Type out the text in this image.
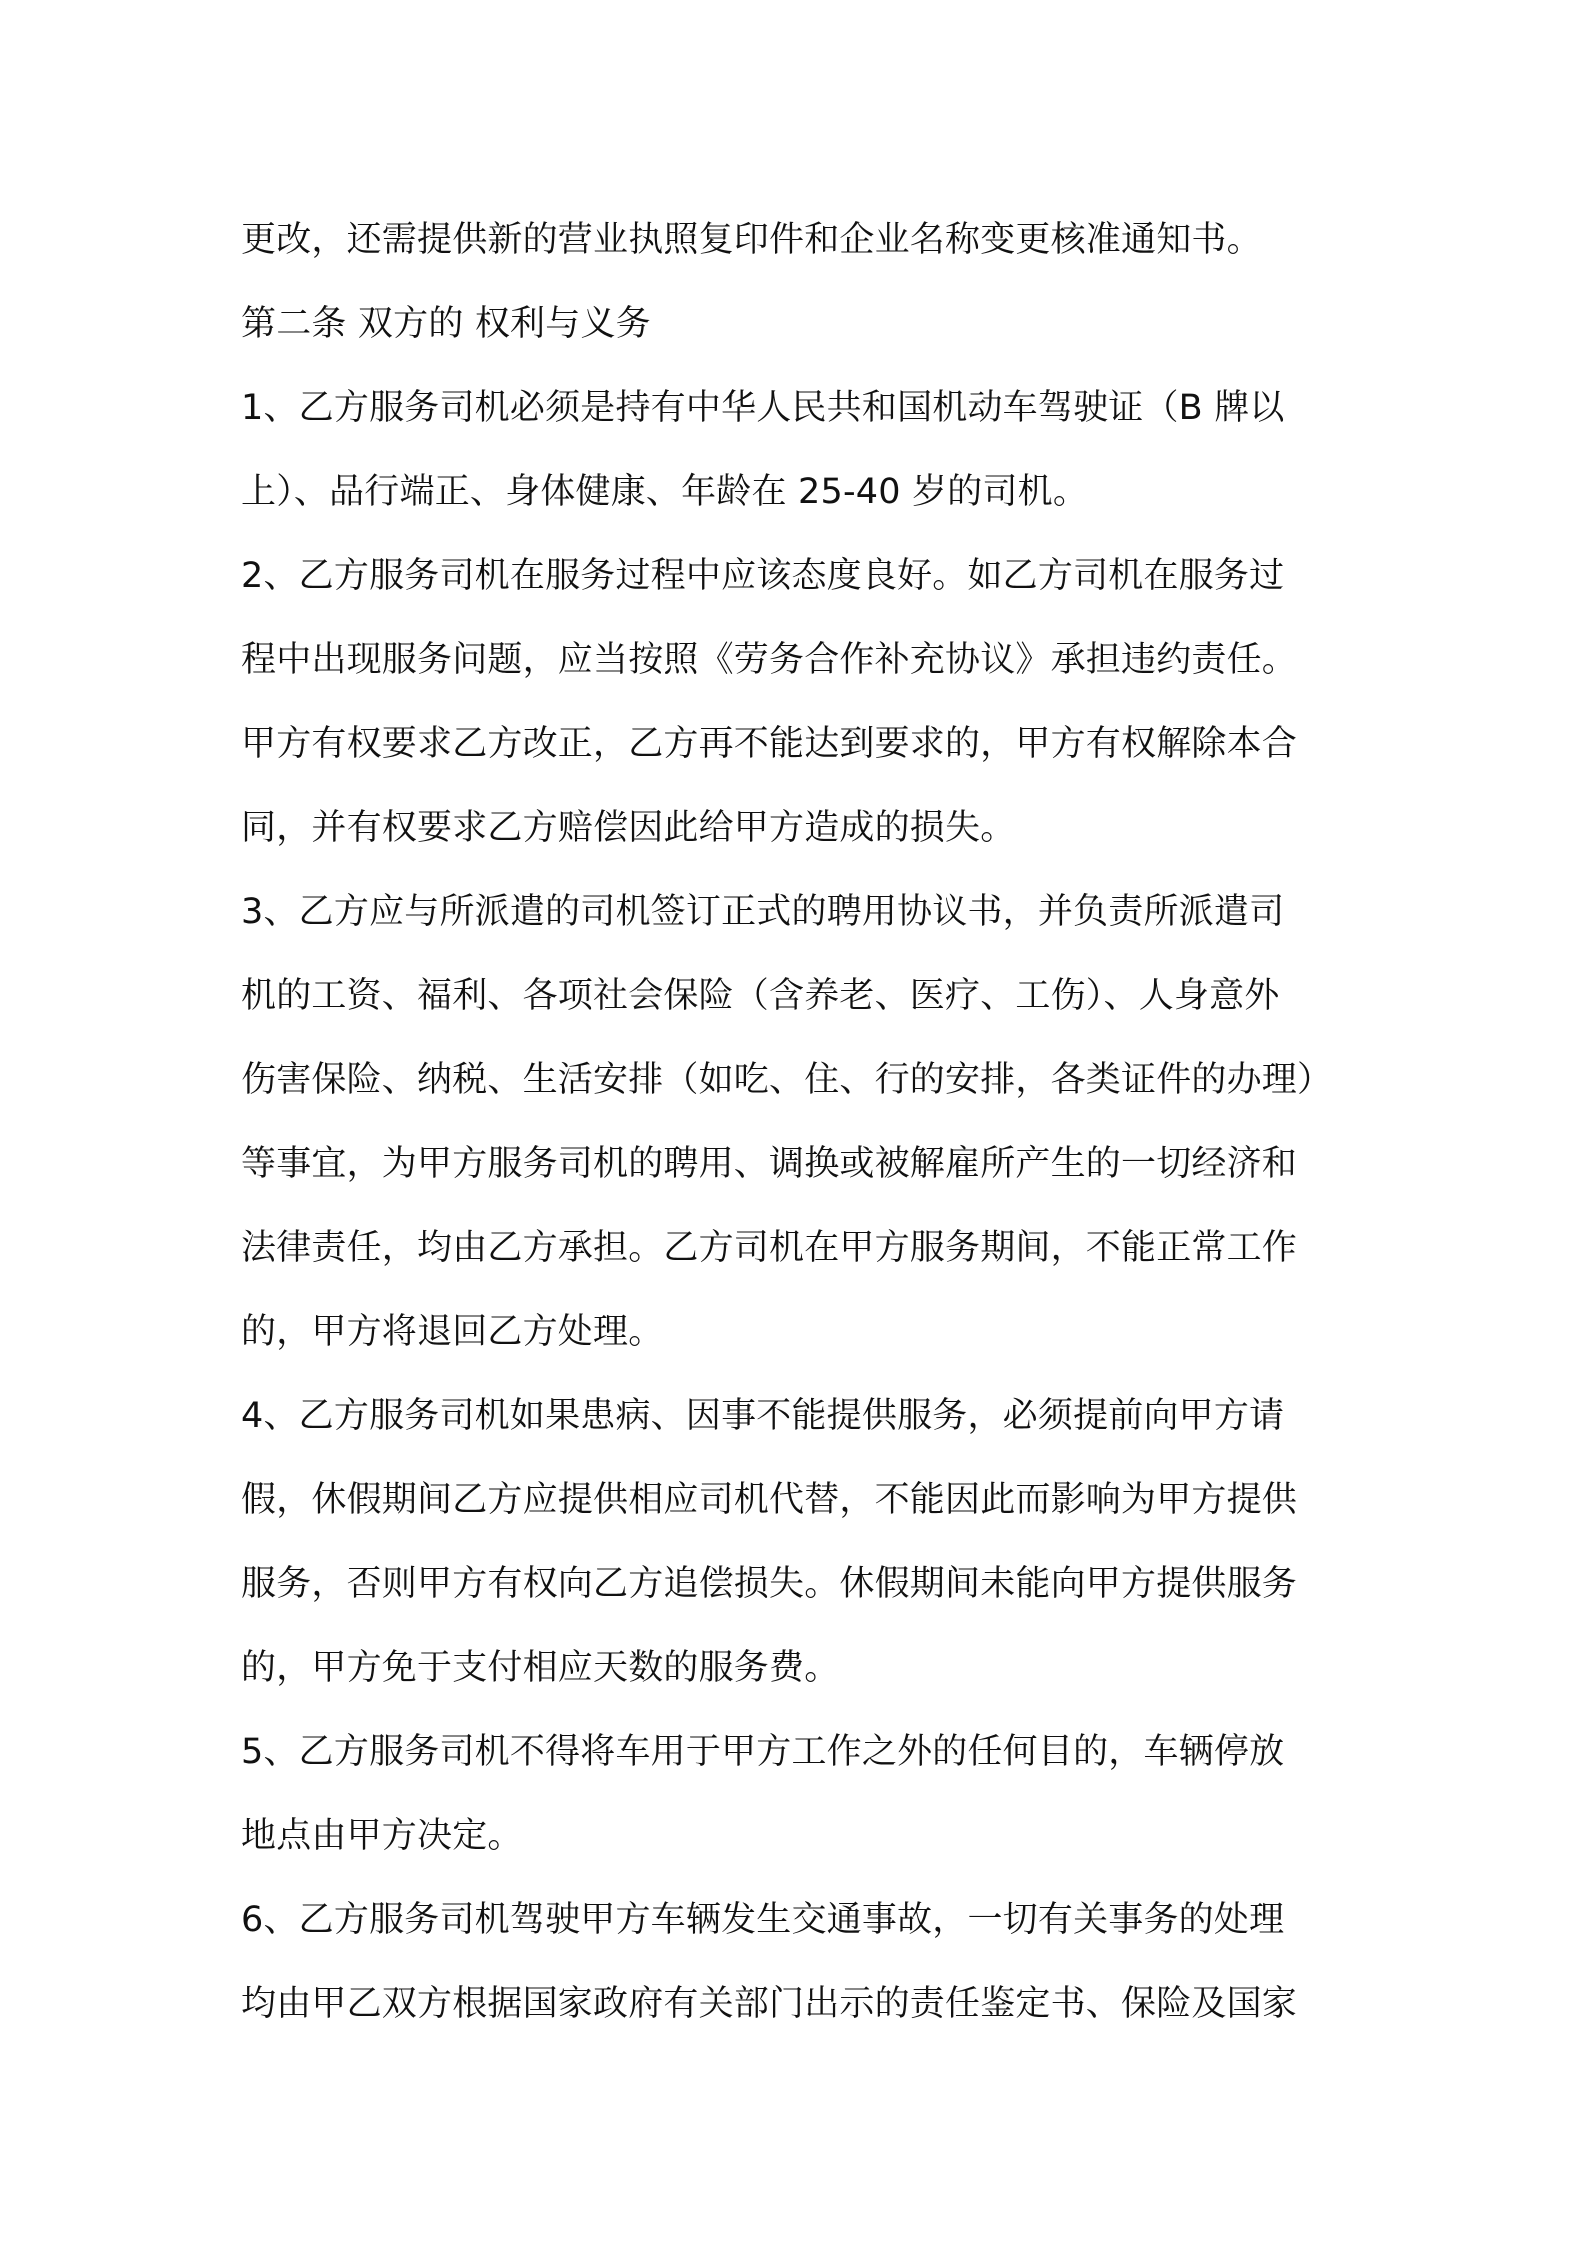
更改，还需提供新的营业执照复印件和企业名称变更核准通知书。
第二条 双方的 权利与义务
1、乙方服务司机必须是持有中华人民共和国机动车驾驶证（B 牌以
上）、品行端正、身体健康、年龄在 25-40 岁的司机。
2、乙方服务司机在服务过程中应该态度良好。如乙方司机在服务过
程中出现服务问题，应当按照《劳务合作补充协议》承担违约责任。
甲方有权要求乙方改正，乙方再不能达到要求的，甲方有权解除本合
同，并有权要求乙方赔偿因此给甲方造成的损失。
3、乙方应与所派遣的司机签订正式的聘用协议书，并负责所派遣司
机的工资、福利、各项社会保险（含养老、医疗、工伤）、人身意外
伤害保险、纳税、生活安排（如吃、住、行的安排，各类证件的办理）
等事宜，为甲方服务司机的聘用、调换或被解雇所产生的一切经济和
法律责任，均由乙方承担。乙方司机在甲方服务期间，不能正常工作
的，甲方将退回乙方处理。
4、乙方服务司机如果患病、因事不能提供服务，必须提前向甲方请
假，休假期间乙方应提供相应司机代替，不能因此而影响为甲方提供
服务，否则甲方有权向乙方追偿损失。休假期间未能向甲方提供服务
的，甲方免于支付相应天数的服务费。
5、乙方服务司机不得将车用于甲方工作之外的任何目的，车辆停放
地点由甲方决定。
6、乙方服务司机驾驶甲方车辆发生交通事故，一切有关事务的处理
均由甲乙双方根据国家政府有关部门出示的责任鉴定书、保险及国家
